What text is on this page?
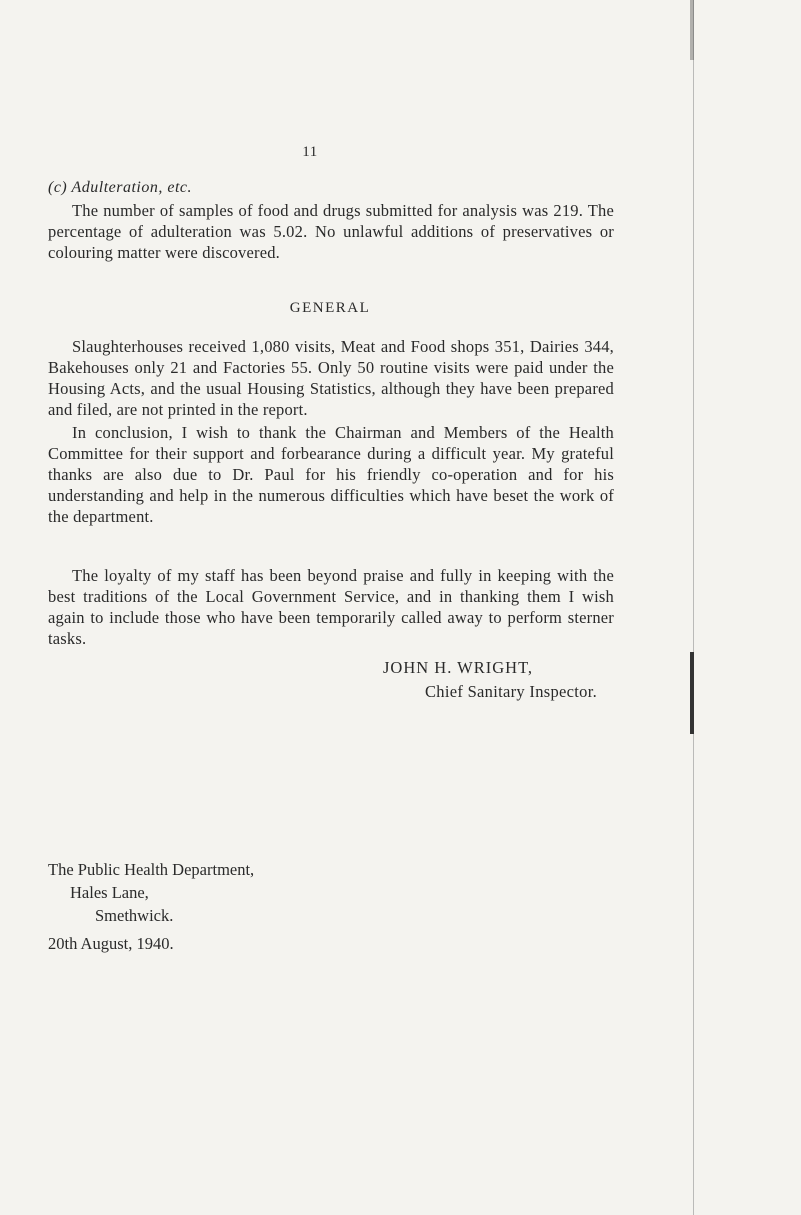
11
(c) Adulteration, etc.

The number of samples of food and drugs submitted for analysis was 219. The percentage of adulteration was 5.02. No unlawful additions of preservatives or colouring matter were discovered.

GENERAL

Slaughterhouses received 1,080 visits, Meat and Food shops 351, Dairies 344, Bakehouses only 21 and Factories 55. Only 50 routine visits were paid under the Housing Acts, and the usual Housing Statistics, although they have been prepared and filed, are not printed in the report.

In conclusion, I wish to thank the Chairman and Members of the Health Committee for their support and forbearance during a difficult year. My grateful thanks are also due to Dr. Paul for his friendly co-operation and for his understanding and help in the numerous difficulties which have beset the work of the department.

The loyalty of my staff has been beyond praise and fully in keeping with the best traditions of the Local Government Service, and in thanking them I wish again to include those who have been temporarily called away to perform sterner tasks.

JOHN H. WRIGHT,
Chief Sanitary Inspector.
The Public Health Department,
Hales Lane,
Smethwick.
20th August, 1940.
